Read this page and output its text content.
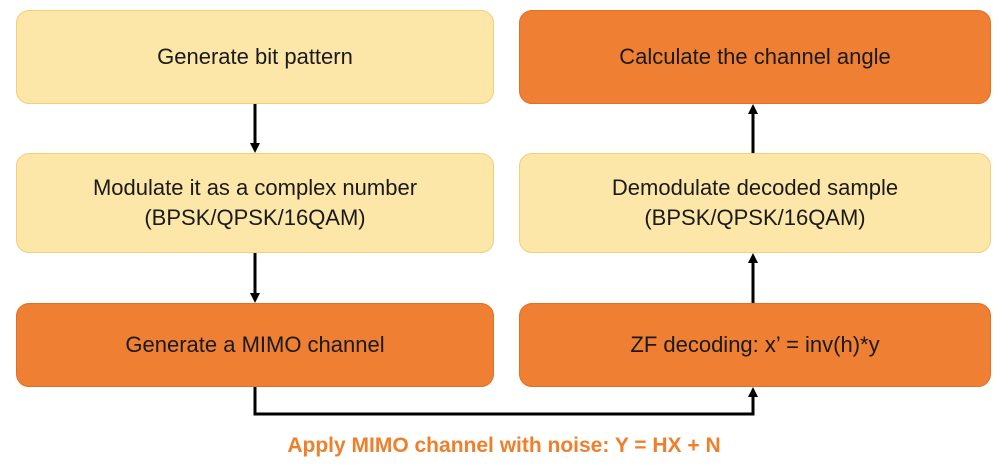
Generate bit pattern
Modulate it as a complex number
(BPSK/QPSK/16QAM)
Generate a MIMO channel
Calculate the channel angle
Demodulate decoded sample
(BPSK/QPSK/16QAM)
ZF decoding: x’ = inv(h)*y
Apply MIMO channel with noise: Y = HX + N
